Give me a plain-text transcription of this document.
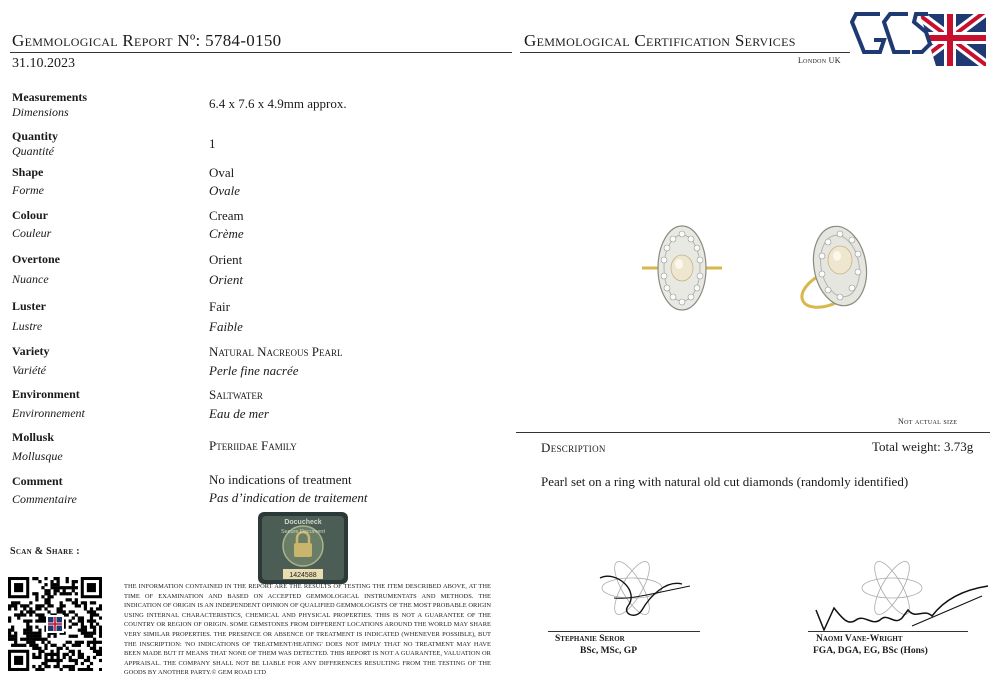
Gemmological Report Nº: 5784-0150
31.10.2023
Gemmological Certification Services
London UK
Measurements
Dimensions
6.4 x 7.6 x 4.9mm approx.
Quantity
Quantité	1
Shape
Forme
Oval
Ovale
Colour
Couleur
Cream
Crème
Overtone
Nuance
Orient
Orient
Luster
Lustre
Fair
Faible
Variety
Variété
Natural Nacreous Pearl
Perle fine nacrée
Environment
Environnement
Saltwater
Eau de mer
Mollusk
Mollusque
Pteriidae Family
Comment
Commentaire
No indications of treatment
Pas d’indication de traitement
Not actual size
Description	Total weight: 3.73g
Pearl set on a ring with natural old cut diamonds (randomly identified)
Scan & Share :
Docucheck
Secure Document
1424588
THE INFORMATION CONTAINED IN THE REPORT ARE THE RESULTS OF TESTING THE ITEM DESCRIBED ABOVE, AT THE TIME OF EXAMINATION AND BASED ON ACCEPTED GEMMOLOGICAL INSTRUMENTATS AND METHODS. THE INDICATION OF ORIGIN IS AN INDEPENDENT OPINION OF QUALIFIED GEMMOLOGISTS OF THE MOST PROBABLE ORIGIN USING INTERNAL CHARACTERISTICS, CHEMICAL AND PHYSICAL PROPERTIES. THIS IS NOT A GUARANTEE OF THE COUNTRY OR REGION OF ORIGIN. SOME GEMSTONES FROM DIFFERENT LOCATIONS AROUND THE WORLD MAY SHARE VERY SIMILAR PROPERTIES. THE PRESENCE OR ABSENCE OF TREATMENT IS INDICATED (WHENEVER POSSIBLE), BUT THE INSCRIPTION: 'NO INDICATIONS OF TREATMENT/HEATING' DOES NOT IMPLY THAT NO TREATMENT MAY HAVE BEEN MADE BUT IT MEANS THAT NONE OF THEM WAS DETECTED. THIS REPORT IS NOT A GUARANTEE, VALUATION OR APPRAISAL. THE COMPANY SHALL NOT BE LIABLE FOR ANY DIFFERENCES RESULTING FROM THE TESTING OF THE GOODS BY ANOTHER PARTY.© GEM ROAD LTD
Stephanie Seror
BSc, MSc, GP
Naomi Vane-Wright
FGA, DGA, EG, BSc (Hons)
